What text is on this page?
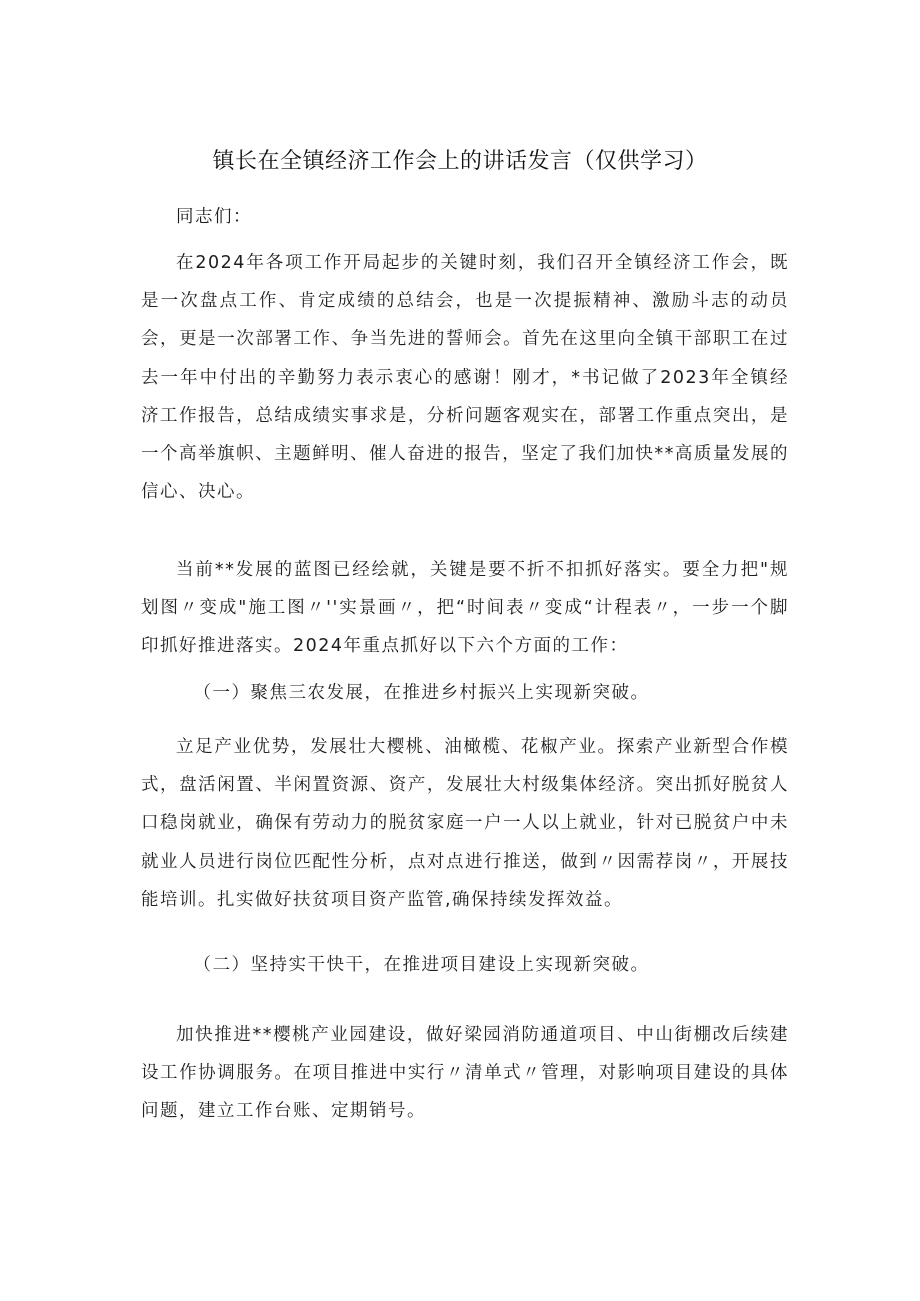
镇长在全镇经济工作会上的讲话发言（仅供学习）

同志们：

在2024年各项工作开局起步的关键时刻，我们召开全镇经济工作会，既是一次盘点工作、肯定成绩的总结会，也是一次提振精神、激励斗志的动员会，更是一次部署工作、争当先进的誓师会。首先在这里向全镇干部职工在过去一年中付出的辛勤努力表示衷心的感谢！刚才，*书记做了2023年全镇经济工作报告，总结成绩实事求是，分析问题客观实在，部署工作重点突出，是一个高举旗帜、主题鲜明、催人奋进的报告，坚定了我们加快**高质量发展的信心、决心。

当前**发展的蓝图已经绘就，关键是要不折不扣抓好落实。要全力把"规划图〃变成"施工图〃''实景画〃，把“时间表〃变成“计程表〃，一步一个脚印抓好推进落实。2024年重点抓好以下六个方面的工作：

（一）聚焦三农发展，在推进乡村振兴上实现新突破。

立足产业优势，发展壮大樱桃、油橄榄、花椒产业。探索产业新型合作模式，盘活闲置、半闲置资源、资产，发展壮大村级集体经济。突出抓好脱贫人口稳岗就业，确保有劳动力的脱贫家庭一户一人以上就业，针对已脱贫户中未就业人员进行岗位匹配性分析，点对点进行推送，做到〃因需荐岗〃，开展技能培训。扎实做好扶贫项目资产监管,确保持续发挥效益。

（二）坚持实干快干，在推进项目建设上实现新突破。

加快推进**樱桃产业园建设，做好梁园消防通道项目、中山街棚改后续建设工作协调服务。在项目推进中实行〃清单式〃管理，对影响项目建设的具体问题，建立工作台账、定期销号。
